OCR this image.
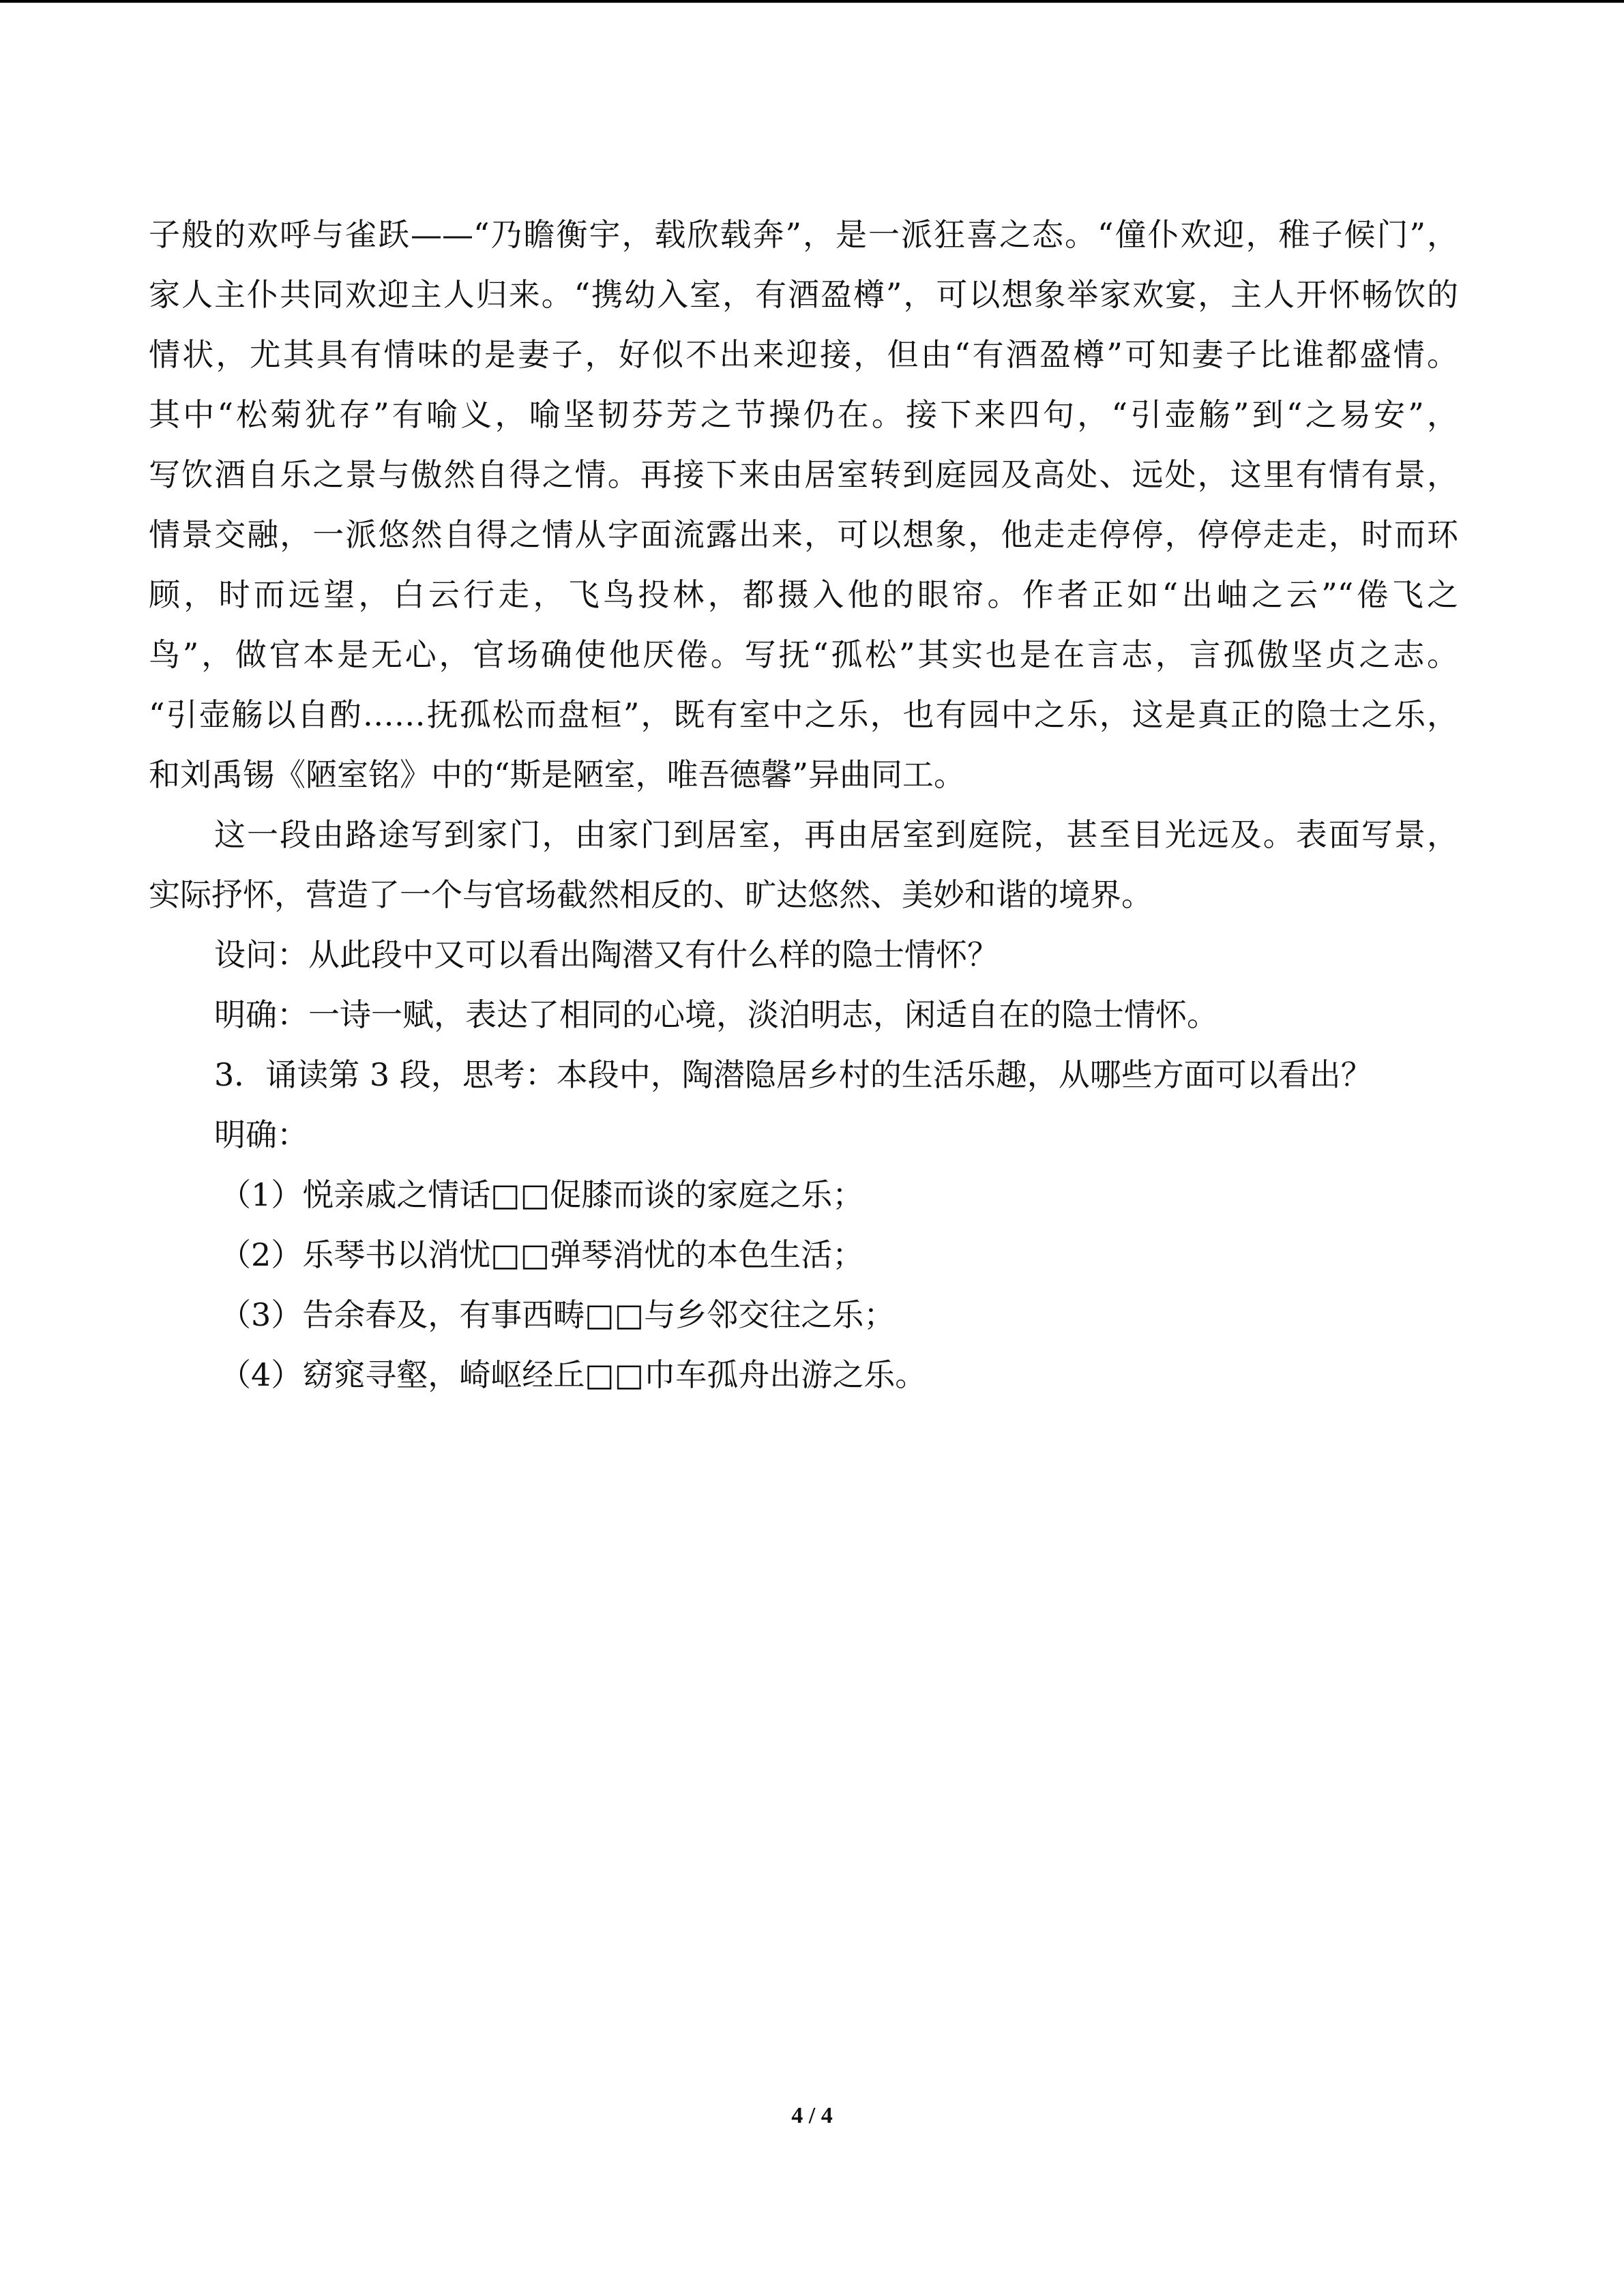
子般的欢呼与雀跃——“乃瞻衡宇，载欣载奔”，是一派狂喜之态。“僮仆欢迎，稚子候门”，
家人主仆共同欢迎主人归来。“携幼入室，有酒盈樽”，可以想象举家欢宴，主人开怀畅饮的
情状，尤其具有情味的是妻子，好似不出来迎接，但由“有酒盈樽”可知妻子比谁都盛情。
其中“松菊犹存”有喻义，喻坚韧芬芳之节操仍在。接下来四句，“引壶觞”到“之易安”，
写饮酒自乐之景与傲然自得之情。再接下来由居室转到庭园及高处、远处，这里有情有景，
情景交融，一派悠然自得之情从字面流露出来，可以想象，他走走停停，停停走走，时而环
顾，时而远望，白云行走，飞鸟投林，都摄入他的眼帘。作者正如“出岫之云”“倦飞之
鸟”，做官本是无心，官场确使他厌倦。写抚“孤松”其实也是在言志，言孤傲坚贞之志。
“引壶觞以自酌……抚孤松而盘桓”，既有室中之乐，也有园中之乐，这是真正的隐士之乐，
和刘禹锡《陋室铭》中的“斯是陋室，唯吾德馨”异曲同工。
这一段由路途写到家门，由家门到居室，再由居室到庭院，甚至目光远及。表面写景，
实际抒怀，营造了一个与官场截然相反的、旷达悠然、美妙和谐的境界。
设问：从此段中又可以看出陶潜又有什么样的隐士情怀？
明确：一诗一赋，表达了相同的心境，淡泊明志，闲适自在的隐士情怀。
3．诵读第 3 段，思考：本段中，陶潜隐居乡村的生活乐趣，从哪些方面可以看出？
明确：
（1）悦亲戚之情话□□促膝而谈的家庭之乐；
（2）乐琴书以消忧□□弹琴消忧的本色生活；
（3）告余春及，有事西畴□□与乡邻交往之乐；
（4）窈窕寻壑，崎岖经丘□□巾车孤舟出游之乐。
4 / 4
